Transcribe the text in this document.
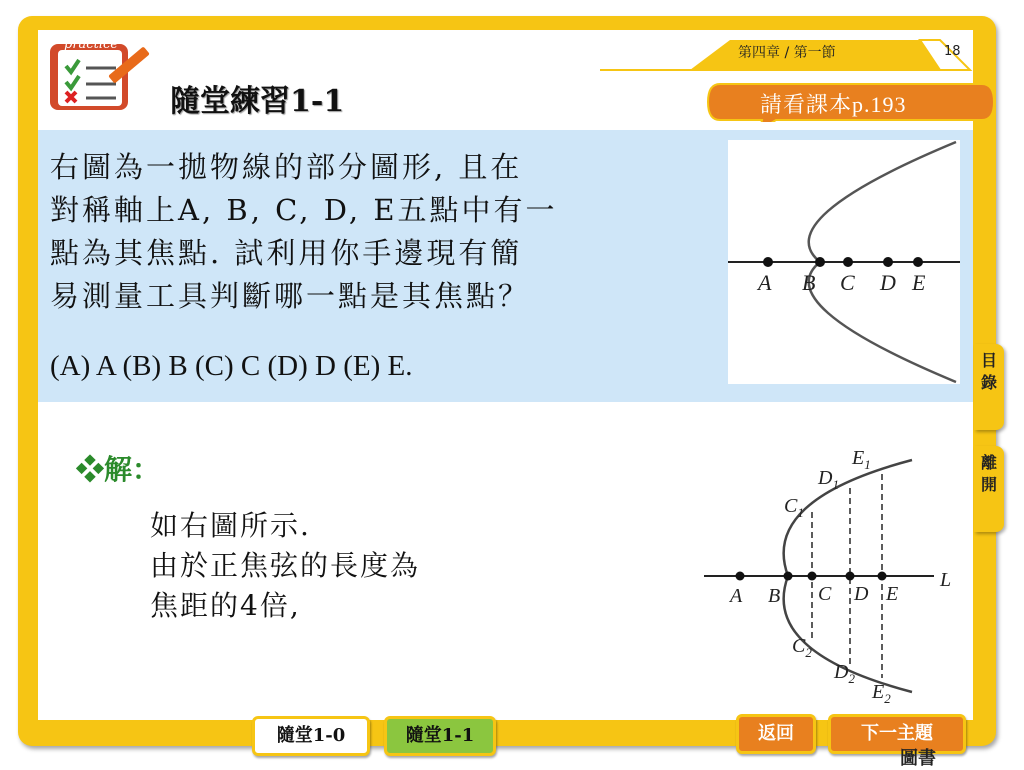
practice
隨堂練習1-1
第四章 / 第一節	18
請看課本p.193
右圖為一拋物線的部分圖形, 且在
對稱軸上A, B, C, D, E五點中有一
點為其焦點. 試利用你手邊現有簡
易測量工具判斷哪一點是其焦點？
(A) A (B) B (C) C (D) D (E) E.
A B C D E
❖解：
如右圖所示.
由於正焦弦的長度為
焦距的4倍,	A B C D E
L
$C_1$
$D_1$
$E_1$
$C_2$
$D_2$
$E_2$
目錄
離開
隨堂1-0	隨堂1-1	返回	下一主題
圖書
